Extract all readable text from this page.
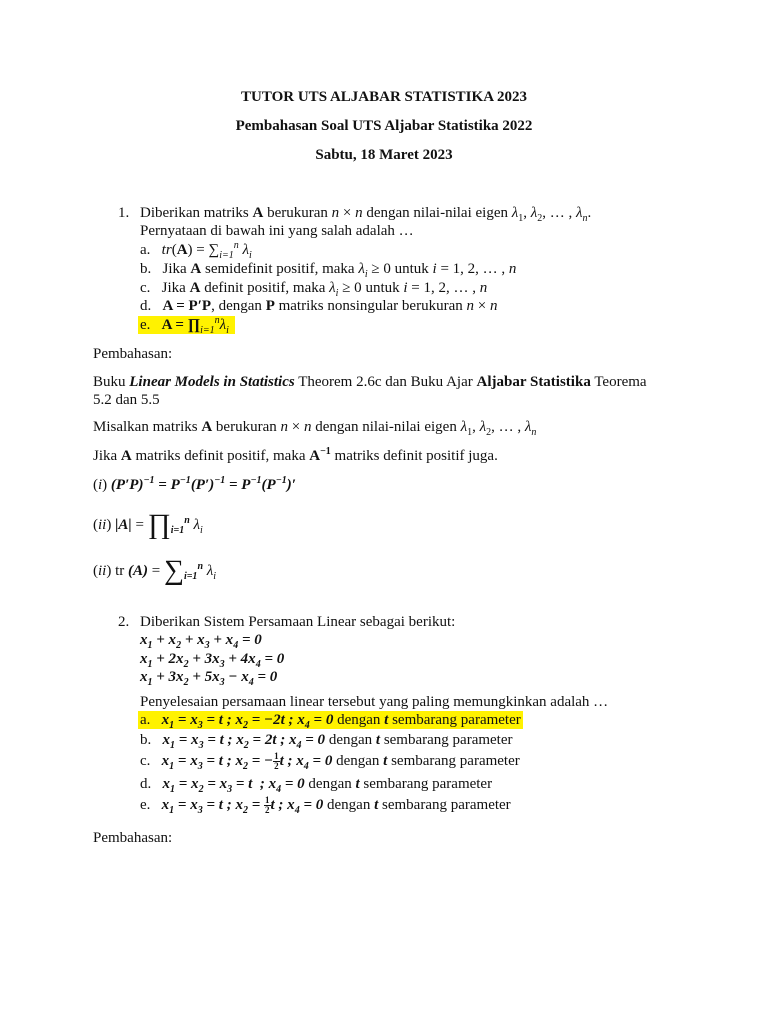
TUTOR UTS ALJABAR STATISTIKA 2023
Pembahasan Soal UTS Aljabar Statistika 2022
Sabtu, 18 Maret 2023
1. Diberikan matriks A berukuran n × n dengan nilai-nilai eigen $\lambda_1$, $\lambda_2$, … , $\lambda_n$.
Pernyataan di bawah ini yang salah adalah …
a. $tr(A) = \sum_{i=1}^n$ $\lambda_i$
b. Jika A semidefinit positif, maka $\lambda_i \ge 0$ untuk i = 1, 2, … , n
c. Jika A definit positif, maka $\lambda_i \ge 0$ untuk i = 1, 2, … , n
d. A = P′P, dengan P matriks nonsingular berukuran n × n
e. $A = \prod_{i=1}^n\lambda_i$
Pembahasan:
Buku Linear Models in Statistics Theorem 2.6c dan Buku Ajar Aljabar Statistika Teorema
5.2 dan 5.5
Misalkan matriks A berukuran n × n dengan nilai-nilai eigen $\lambda_1$, $\lambda_2$, … , $\lambda_n$
Jika A matriks definit positif, maka $A^{-1}$ matriks definit positif juga.
(i) $(P'P)^{-1} = P^{-1}(P')^{-1} = P^{-1}(P^{-1})'$
(ii) $|A| = \prod_{i=1}^n$ $\lambda_i$
(ii) tr $(A) = \sum_{i=1}^n$ $\lambda_i$
2. Diberikan Sistem Persamaan Linear sebagai berikut:
$x_1 + x_2 + x_3 + x_4 = 0$
$x_1 + 2x_2 + 3x_3 + 4x_4 = 0$
$x_1 + 3x_2 + 5x_3 - x_4 = 0$
Penyelesaian persamaan linear tersebut yang paling memungkinkan adalah …
a. $x_1 = x_3 = t$ ; $x_2 = -2t$ ; $x_4 = 0$ dengan t sembarang parameter
b. $x_1 = x_3 = t$ ; $x_2 = 2t$ ; $x_4 = 0$ dengan t sembarang parameter
c. $x_1 = x_3 = t$ ; $x_2$ = − $\frac{1}{2}$ t ; $x_4 = 0$ dengan t sembarang parameter
d. $x_1 = x_2 = x_3 = t$  ; $x_4 = 0$ dengan t sembarang parameter
e. $x_1 = x_3 = t$ ; $x_2 = \frac{1}{2}$ t ; $x_4 = 0$ dengan t sembarang parameter
Pembahasan:
